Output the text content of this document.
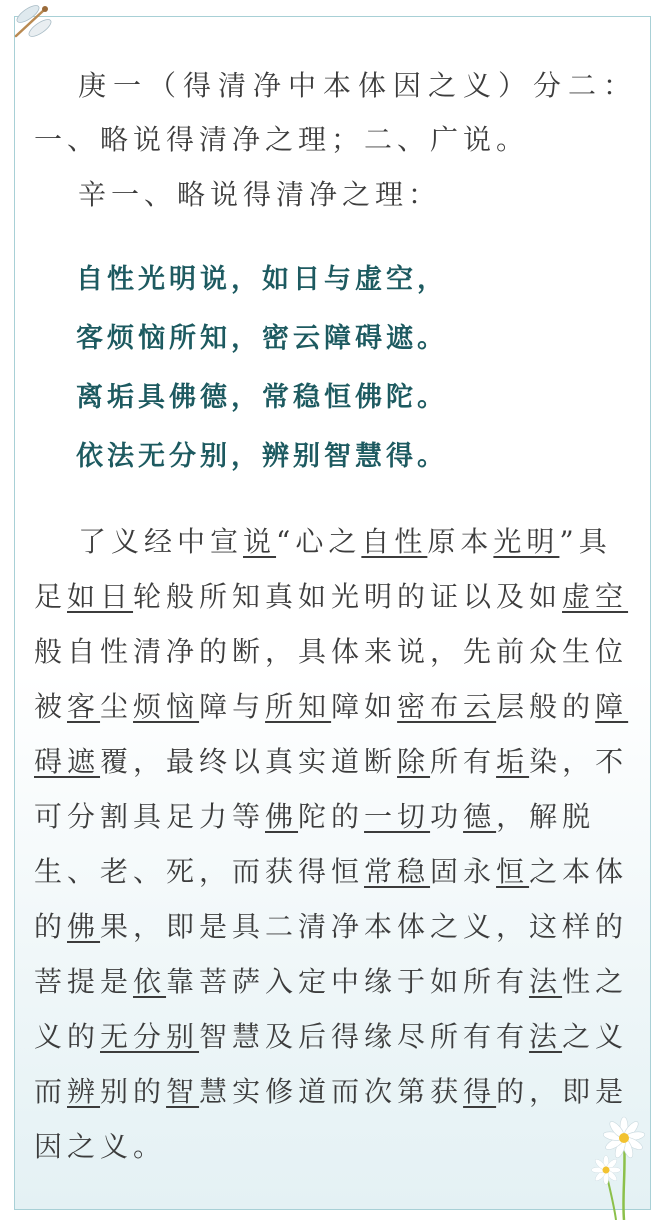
庚一（得清净中本体因之义）分二：
一、略说得清净之理；二、广说。
辛一、略说得清净之理：
自性光明说，如日与虚空，
客烦恼所知，密云障碍遮。
离垢具佛德，常稳恒佛陀。
依法无分别，辨别智慧得。
了义经中宣说“心之自性原本光明”具
足如日轮般所知真如光明的证以及如虚空
般自性清净的断，具体来说，先前众生位
被客尘烦恼障与所知障如密布云层般的障
碍遮覆，最终以真实道断除所有垢染，不
可分割具足力等佛陀的一切功德，解脱
生、老、死，而获得恒常稳固永恒之本体
的佛果，即是具二清净本体之义，这样的
菩提是依靠菩萨入定中缘于如所有法性之
义的无分别智慧及后得缘尽所有有法之义
而辨别的智慧实修道而次第获得的，即是
因之义。
